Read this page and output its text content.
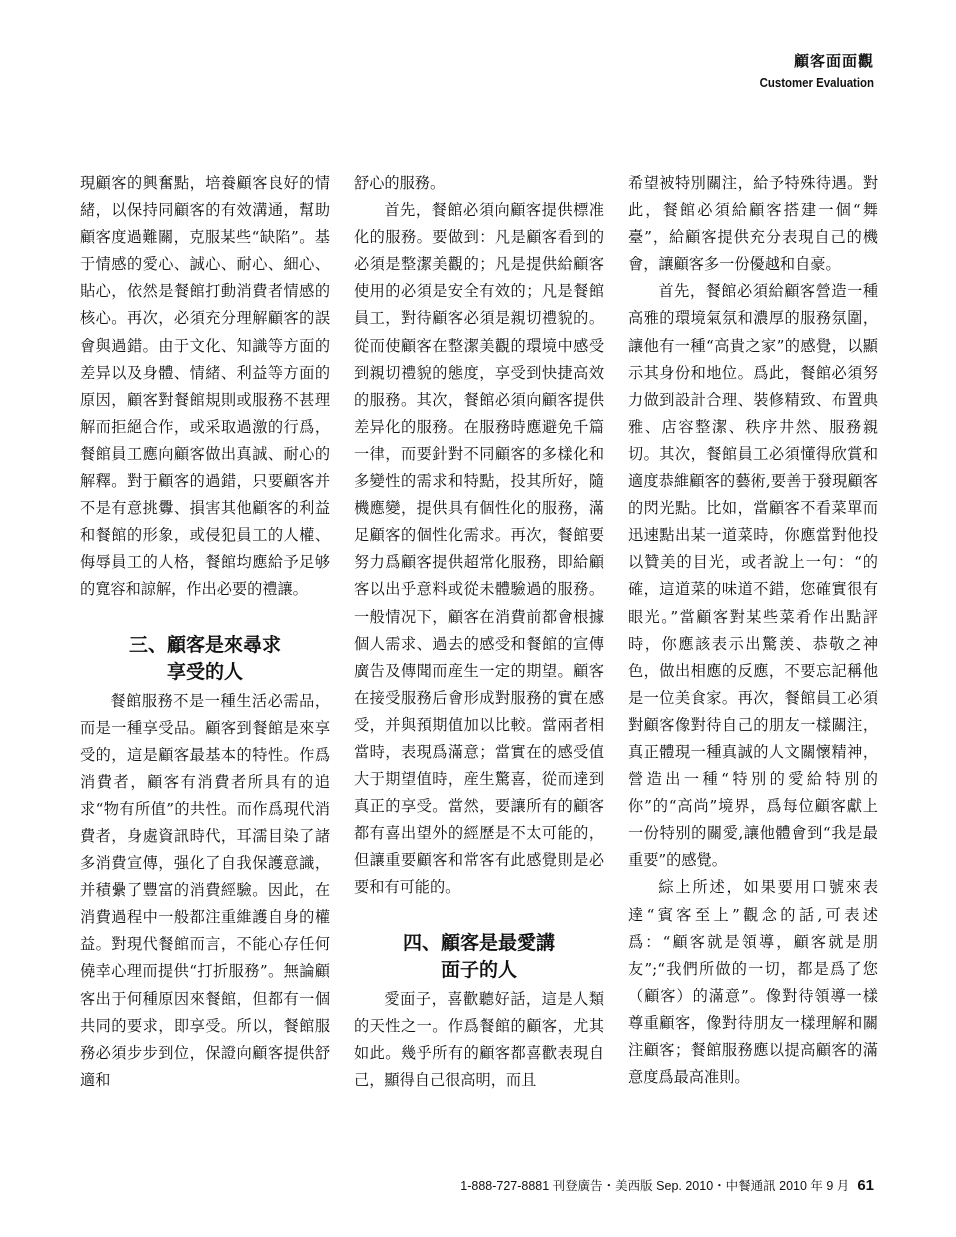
顧客面面觀
Customer Evaluation

現顧客的興奮點，培養顧客良好的情緒，以保持同顧客的有效溝通，幫助顧客度過難關，克服某些“缺陷”。基于情感的愛心、誠心、耐心、細心、貼心，依然是餐館打動消費者情感的核心。再次，必須充分理解顧客的誤會與過錯。由于文化、知識等方面的差异以及身體、情緒、利益等方面的原因，顧客對餐館規則或服務不甚理解而拒絕合作，或采取過激的行爲，餐館員工應向顧客做出真誠、耐心的解釋。對于顧客的過錯，只要顧客并不是有意挑釁、損害其他顧客的利益和餐館的形象，或侵犯員工的人權、侮辱員工的人格，餐館均應給予足够的寬容和諒解，作出必要的禮讓。

三、顧客是來尋求
享受的人

餐館服務不是一種生活必需品，而是一種享受品。顧客到餐館是來享受的，這是顧客最基本的特性。作爲消費者，顧客有消費者所具有的追求“物有所值”的共性。而作爲現代消費者，身處資訊時代，耳濡目染了諸多消費宣傳，强化了自我保護意識，并積纍了豐富的消費經驗。因此，在消費過程中一般都注重維護自身的權益。對現代餐館而言，不能心存任何僥幸心理而提供“打折服務”。無論顧客出于何種原因來餐館，但都有一個共同的要求，即享受。所以，餐館服務必須步步到位，保證向顧客提供舒適和

舒心的服務。

首先，餐館必須向顧客提供標准化的服務。要做到：凡是顧客看到的必須是整潔美觀的；凡是提供給顧客使用的必須是安全有效的；凡是餐館員工，對待顧客必須是親切禮貌的。從而使顧客在整潔美觀的環境中感受到親切禮貌的態度，享受到快捷高效的服務。其次，餐館必須向顧客提供差异化的服務。在服務時應避免千篇一律，而要針對不同顧客的多樣化和多變性的需求和特點，投其所好，隨機應變，提供具有個性化的服務，滿足顧客的個性化需求。再次，餐館要努力爲顧客提供超常化服務，即給顧客以出乎意料或從未體驗過的服務。一般情况下，顧客在消費前都會根據個人需求、過去的感受和餐館的宣傳廣告及傳聞而産生一定的期望。顧客在接受服務后會形成對服務的實在感受，并與預期值加以比較。當兩者相當時，表現爲滿意；當實在的感受值大于期望值時，産生驚喜，從而達到真正的享受。當然，要讓所有的顧客都有喜出望外的經歷是不太可能的，但讓重要顧客和常客有此感覺則是必要和有可能的。

四、顧客是最愛講
面子的人

愛面子，喜歡聽好話，這是人類的天性之一。作爲餐館的顧客，尤其如此。幾乎所有的顧客都喜歡表現自己，顯得自己很高明，而且

希望被特別關注，給予特殊待遇。對此，餐館必須給顧客搭建一個“舞臺”，給顧客提供充分表現自己的機會，讓顧客多一份優越和自豪。

首先，餐館必須給顧客營造一種高雅的環境氣氛和濃厚的服務氛圍，讓他有一種“高貴之家”的感覺，以顯示其身份和地位。爲此，餐館必須努力做到設計合理、裝修精致、布置典雅、店容整潔、秩序井然、服務親切。其次，餐館員工必須懂得欣賞和適度恭維顧客的藝術,要善于發現顧客的閃光點。比如，當顧客不看菜單而迅速點出某一道菜時，你應當對他投以贊美的目光，或者說上一句：“的確，這道菜的味道不錯，您確實很有眼光。”當顧客對某些菜肴作出點評時，你應該表示出驚羡、恭敬之神色，做出相應的反應，不要忘記稱他是一位美食家。再次，餐館員工必須對顧客像對待自己的朋友一樣關注，真正體現一種真誠的人文關懷精神，營造出一種“特別的愛給特別的你”的“高尚”境界，爲每位顧客獻上一份特别的關愛,讓他體會到“我是最重要”的感覺。

綜上所述，如果要用口號來表達“賓客至上”觀念的話,可表述爲：“顧客就是領導，顧客就是朋友”;“我們所做的一切，都是爲了您（顧客）的滿意”。像對待領導一樣尊重顧客，像對待朋友一樣理解和關注顧客；餐館服務應以提高顧客的滿意度爲最高准則。

1-888-727-8881 刊登廣告・美西版 Sep. 2010・中餐通訊 2010 年 9 月 61
